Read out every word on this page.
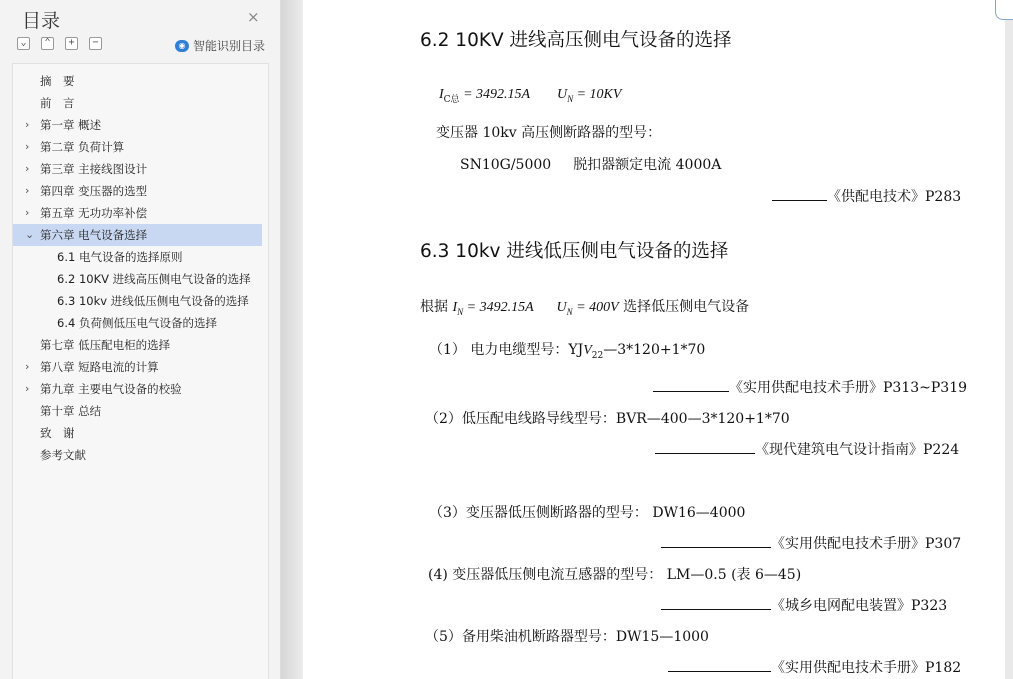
目录	×
⌄	⌃	+	−	◉ 智能识别目录
摘　要
前　言
› 第一章 概述
› 第二章 负荷计算
› 第三章 主接线图设计
› 第四章 变压器的选型
› 第五章 无功功率补偿
⌄ 第六章 电气设备选择
6.1 电气设备的选择原则
6.2 10KV 进线高压侧电气设备的选择
6.3 10kv 进线低压侧电气设备的选择
6.4 负荷侧低压电气设备的选择
第七章 低压配电柜的选择
› 第八章 短路电流的计算
› 第九章 主要电气设备的校验
第十章 总结
致　谢
参考文献
6.2 10KV 进线高压侧电气设备的选择
$I_{C总} = 3492.15A$ $U_N = 10KV$
变压器 10kv 高压侧断路器的型号：
SN10G/5000 脱扣器额定电流 4000A
《供配电技术》P283
6.3 10kv 进线低压侧电气设备的选择
根据 $I_N = 3492.15A$ $U_N = 400V$ 选择低压侧电气设备
（1） 电力电缆型号：$YJV_{22}—3*120+1*70$
《实用供配电技术手册》P313~P319
（2）低压配电线路导线型号：BVR—400—3*120+1*70
《现代建筑电气设计指南》P224
（3）变压器低压侧断路器的型号： DW16—4000
《实用供配电技术手册》P307
(4) 变压器低压侧电流互感器的型号： LM—0.5 (表 6—45)
《城乡电网配电装置》P323
（5）备用柴油机断路器型号：DW15—1000
《实用供配电技术手册》P182
